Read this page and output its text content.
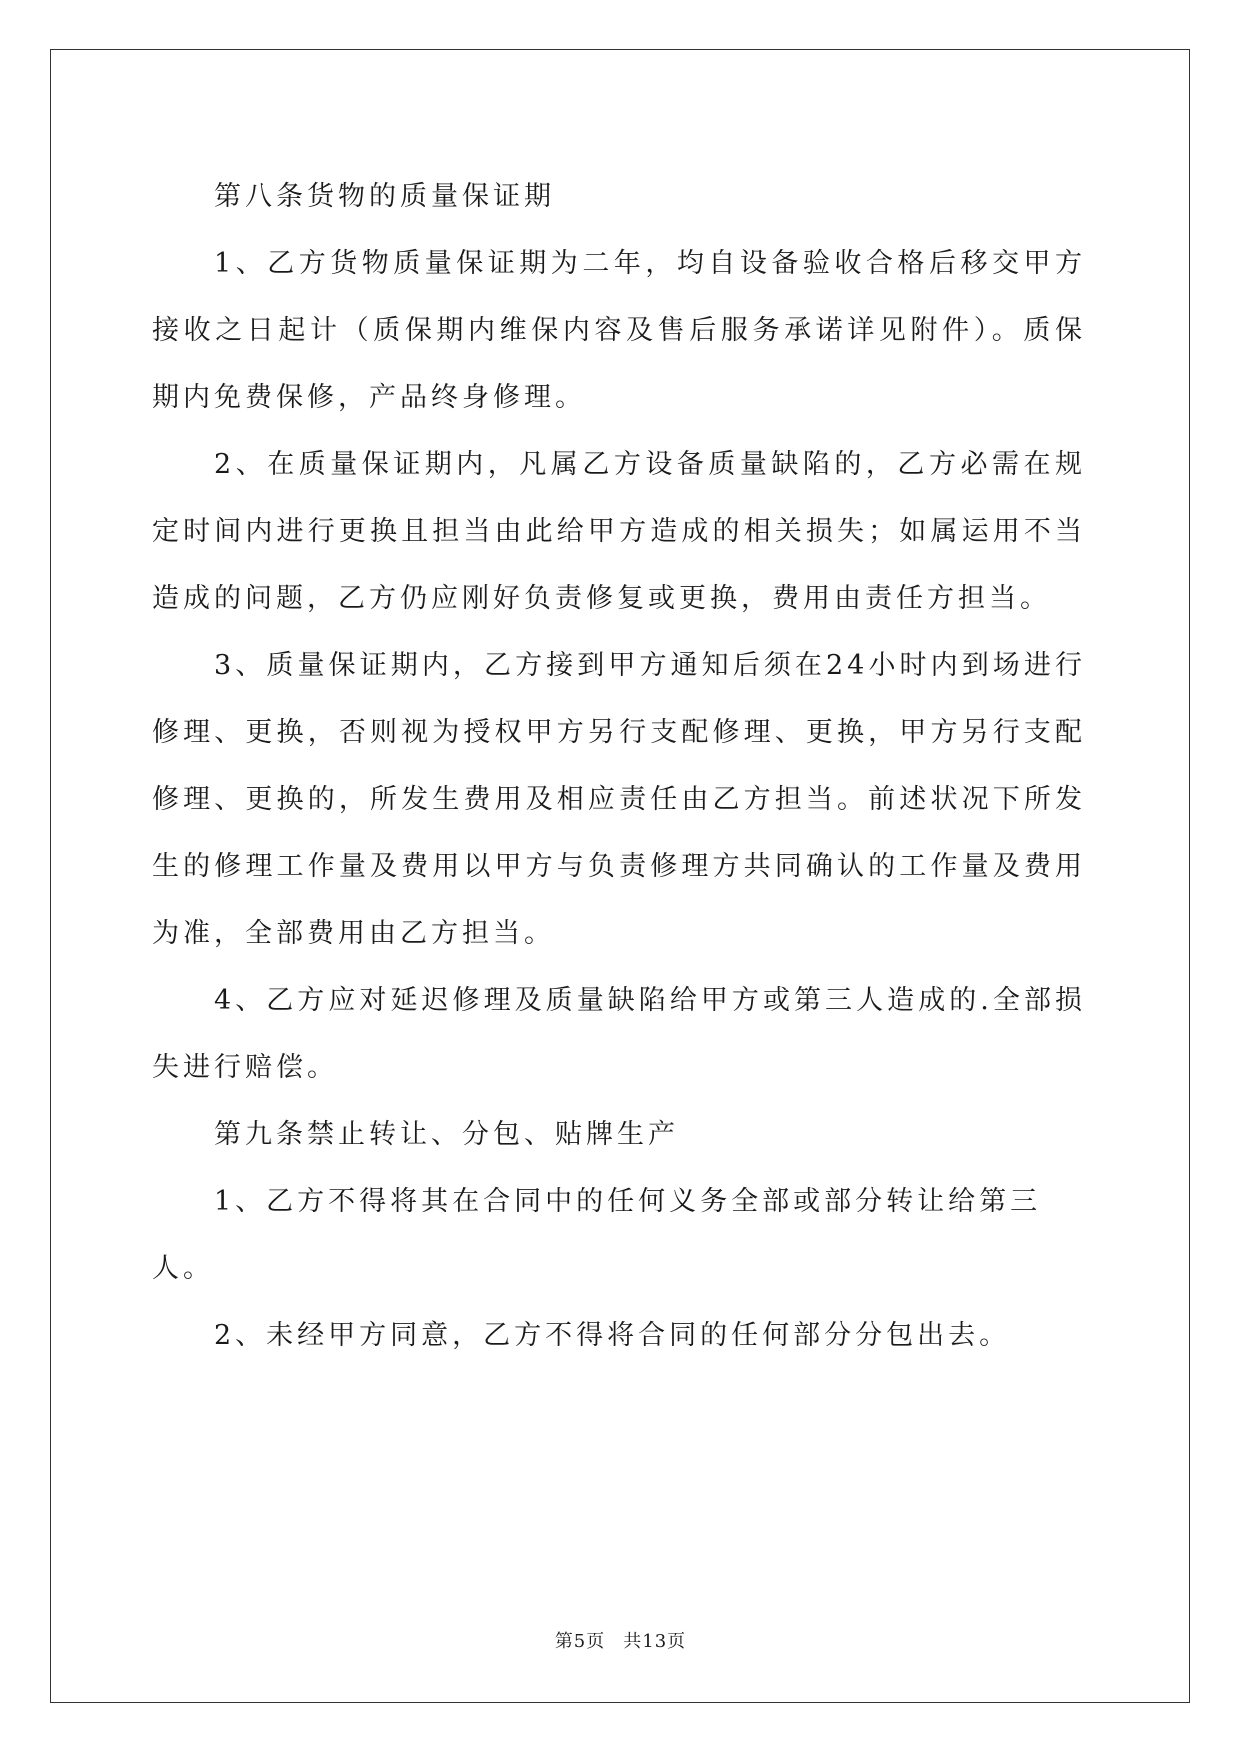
第八条货物的质量保证期

1、乙方货物质量保证期为二年，均自设备验收合格后移交甲方接收之日起计（质保期内维保内容及售后服务承诺详见附件）。质保期内免费保修，产品终身修理。

2、在质量保证期内，凡属乙方设备质量缺陷的，乙方必需在规定时间内进行更换且担当由此给甲方造成的相关损失；如属运用不当造成的问题，乙方仍应刚好负责修复或更换，费用由责任方担当。

3、质量保证期内，乙方接到甲方通知后须在24小时内到场进行修理、更换，否则视为授权甲方另行支配修理、更换，甲方另行支配修理、更换的，所发生费用及相应责任由乙方担当。前述状况下所发生的修理工作量及费用以甲方与负责修理方共同确认的工作量及费用为准，全部费用由乙方担当。

4、乙方应对延迟修理及质量缺陷给甲方或第三人造成的.全部损失进行赔偿。

第九条禁止转让、分包、贴牌生产

1、乙方不得将其在合同中的任何义务全部或部分转让给第三人。

2、未经甲方同意，乙方不得将合同的任何部分分包出去。

第5页 共13页
